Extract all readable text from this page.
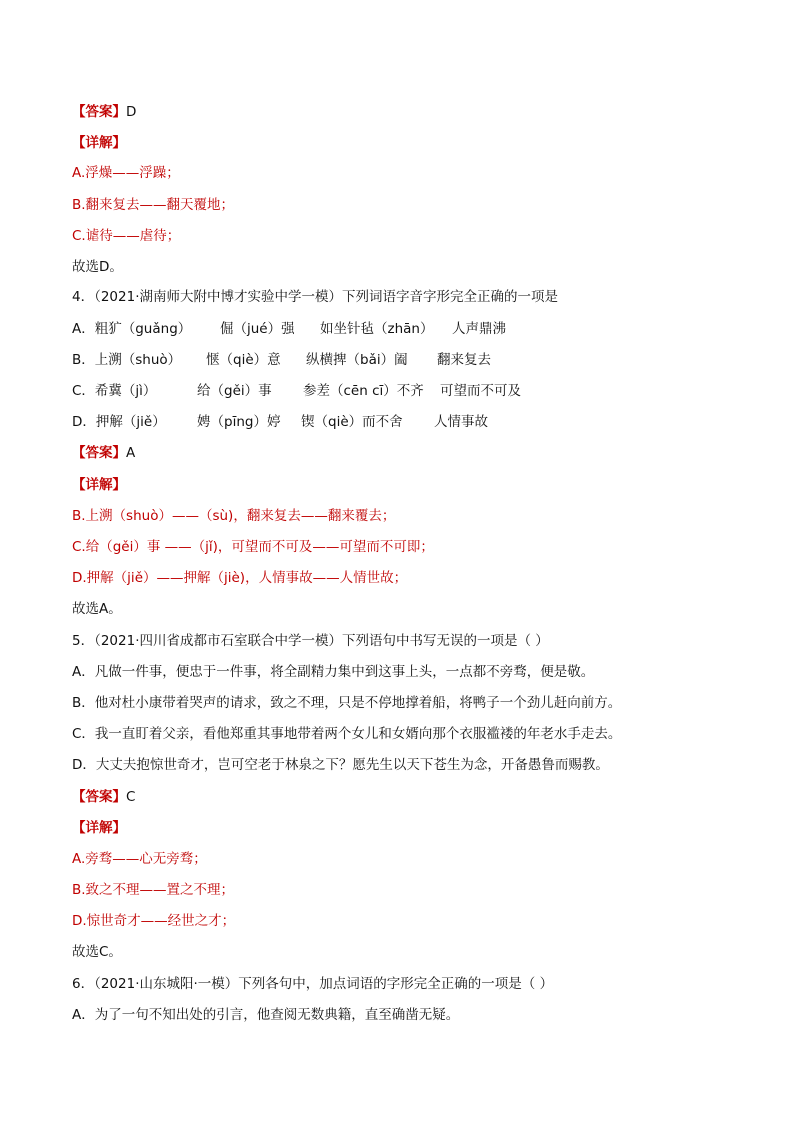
【答案】D
【详解】
A.浮燥——浮躁；
B.翻来复去——翻天覆地；
C.谑待——虐待；
故选D。
4．（2021·湖南师大附中博才实验中学一模）下列词语字音字形完全正确的一项是
A．粗犷（guǎng） 倔（jué）强 如坐针毡（zhān） 人声鼎沸
B．上溯（shuò） 惬（qiè）意 纵横捭（bǎi）阖 翻来复去
C．希冀（jì）	给（gěi）事 参差（cēn cī）不齐 可望而不可及
D．押解（jiě） 娉（pīng）婷 锲（qiè）而不舍 人情事故
【答案】A
【详解】
B.上溯（shuò）——（sù)，翻来复去——翻来覆去；
C.给（gěi）事 ——（jǐ)，可望而不可及——可望而不可即；
D.押解（jiě）——押解（jiè)，人情事故——人情世故；
故选A。
5．（2021·四川省成都市石室联合中学一模）下列语句中书写无误的一项是（ ）
A．凡做一件事，便忠于一件事，将全副精力集中到这事上头，一点都不旁骛，便是敬。
B．他对杜小康带着哭声的请求，致之不理，只是不停地撑着船，将鸭子一个劲儿赶向前方。
C．我一直盯着父亲，看他郑重其事地带着两个女儿和女婿向那个衣服褴褛的年老水手走去。
D．大丈夫抱惊世奇才，岂可空老于林泉之下？愿先生以天下苍生为念，开备愚鲁而赐教。
【答案】C
【详解】
A.旁骛——心无旁骛；
B.致之不理——置之不理；
D.惊世奇才——经世之才；
故选C。
6．（2021·山东城阳·一模）下列各句中，加点词语的字形完全正确的一项是（ ）
A．为了一句不知出处的引言，他查阅无数典籍，直至确凿无疑。
